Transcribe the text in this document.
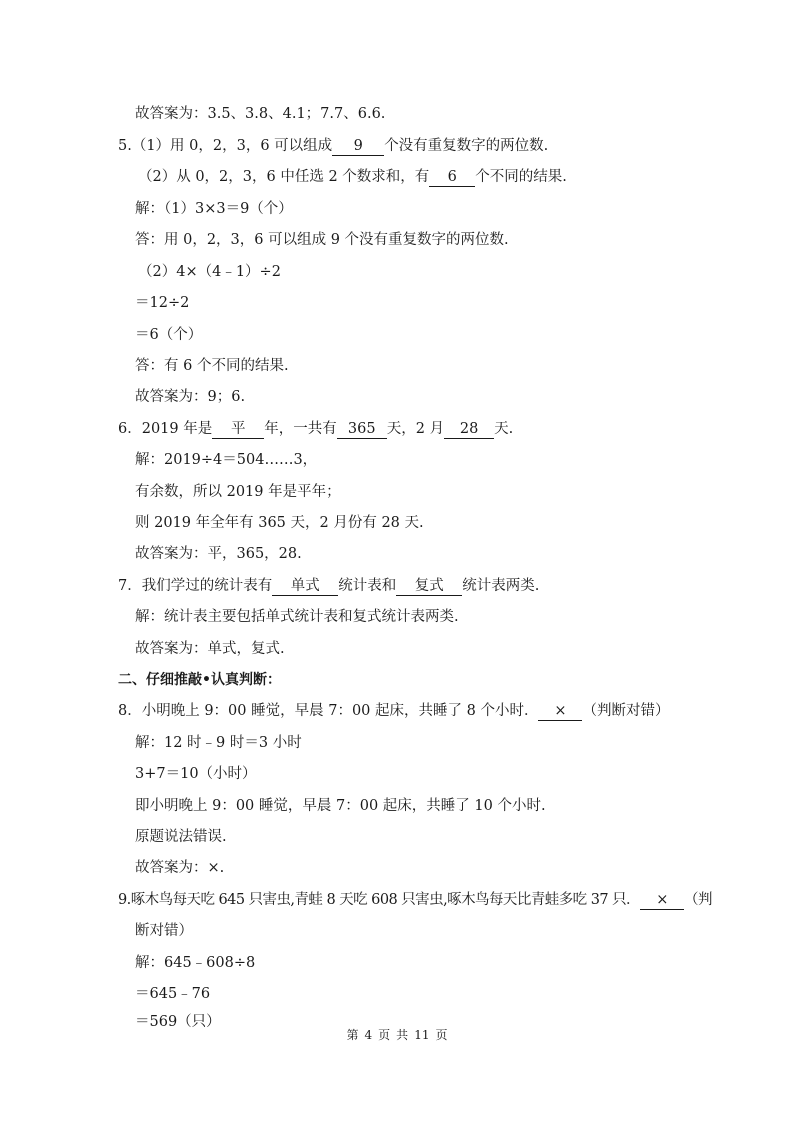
故答案为：3.5、3.8、4.1；7.7、6.6.
5.（1）用 0，2，3，6 可以组成 9 个没有重复数字的两位数.
（2）从 0，2，3，6 中任选 2 个数求和，有 6 个不同的结果.
解：（1）3×3＝9（个）
答：用 0，2，3，6 可以组成 9 个没有重复数字的两位数.
（2）4×（4﹣1）÷2
＝12÷2
＝6（个）
答：有 6 个不同的结果.
故答案为：9；6.
6．2019 年是 平 年，一共有 365 天，2 月 28 天.
解：2019÷4＝504……3，
有余数，所以 2019 年是平年；
则 2019 年全年有 365 天，2 月份有 28 天.
故答案为：平，365，28.
7．我们学过的统计表有 单式 统计表和 复式 统计表两类.
解：统计表主要包括单式统计表和复式统计表两类.
故答案为：单式，复式.
二、仔细推敲•认真判断：
8．小明晚上 9：00 睡觉，早晨 7：00 起床，共睡了 8 个小时． × （判断对错）
解：12 时﹣9 时＝3 小时
3+7＝10（小时）
即小明晚上 9：00 睡觉，早晨 7：00 起床，共睡了 10 个小时.
原题说法错误.
故答案为：×.
9.啄木鸟每天吃 645 只害虫,青蛙 8 天吃 608 只害虫,啄木鸟每天比青蛙多吃 37 只． × （判
断对错）
解：645﹣608÷8
＝645﹣76
＝569（只）
第 4 页 共 11 页
